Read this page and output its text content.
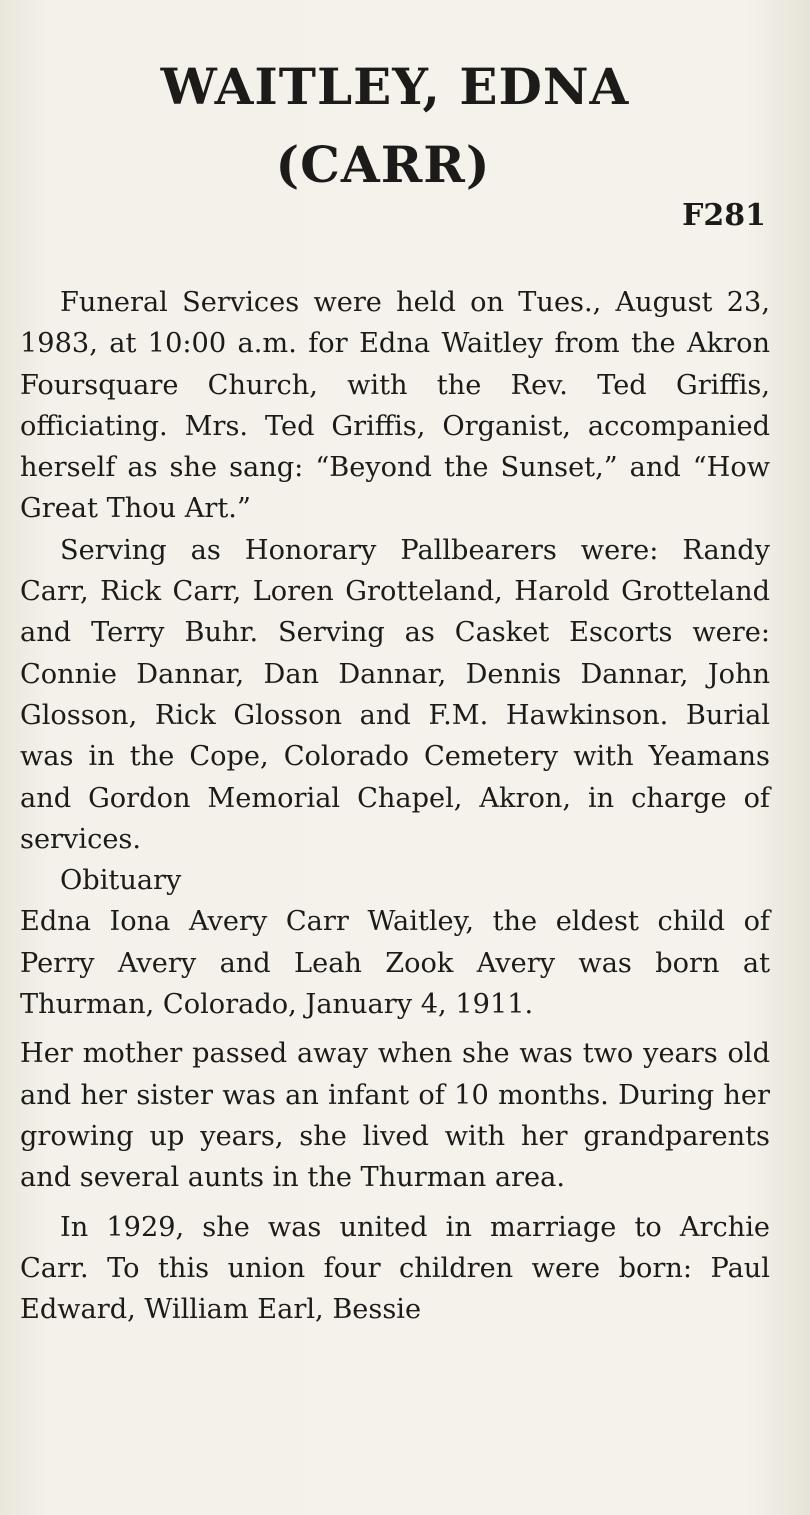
WAITLEY, EDNA
(CARR)
F281

Funeral Services were held on Tues., August 23, 1983, at 10:00 a.m. for Edna Waitley from the Akron Foursquare Church, with the Rev. Ted Griffis, officiating. Mrs. Ted Griffis, Organist, accompanied herself as she sang: “Beyond the Sunset,” and “How Great Thou Art.”

Serving as Honorary Pallbearers were: Randy Carr, Rick Carr, Loren Grotteland, Harold Grotteland and Terry Buhr. Serving as Casket Escorts were: Connie Dannar, Dan Dannar, Dennis Dannar, John Glosson, Rick Glosson and F.M. Hawkinson. Burial was in the Cope, Colorado Cemetery with Yeamans and Gordon Memorial Chapel, Akron, in charge of services.

Obituary

Edna Iona Avery Carr Waitley, the eldest child of Perry Avery and Leah Zook Avery was born at Thurman, Colorado, January 4, 1911.

Her mother passed away when she was two years old and her sister was an infant of 10 months. During her growing up years, she lived with her grandparents and several aunts in the Thurman area.

In 1929, she was united in marriage to Archie Carr. To this union four children were born: Paul Edward, William Earl, Bessie
